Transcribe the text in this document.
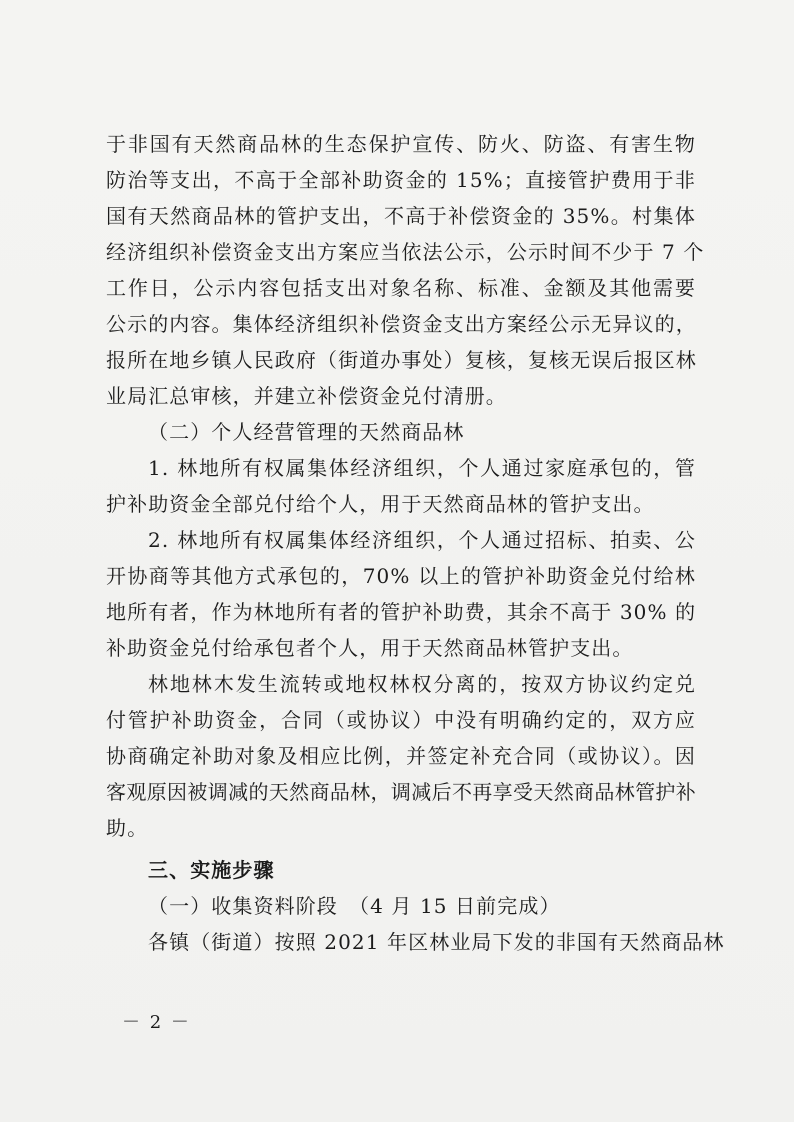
于非国有天然商品林的生态保护宣传、防火、防盗、有害生物
防治等支出，不高于全部补助资金的 15%；直接管护费用于非
国有天然商品林的管护支出，不高于补偿资金的 35%。村集体
经济组织补偿资金支出方案应当依法公示，公示时间不少于 7 个
工作日，公示内容包括支出对象名称、标准、金额及其他需要
公示的内容。集体经济组织补偿资金支出方案经公示无异议的，
报所在地乡镇人民政府（街道办事处）复核，复核无误后报区林
业局汇总审核，并建立补偿资金兑付清册。
（二）个人经营管理的天然商品林
1. 林地所有权属集体经济组织，个人通过家庭承包的，管
护补助资金全部兑付给个人，用于天然商品林的管护支出。
2. 林地所有权属集体经济组织，个人通过招标、拍卖、公
开协商等其他方式承包的，70% 以上的管护补助资金兑付给林
地所有者，作为林地所有者的管护补助费，其余不高于 30% 的
补助资金兑付给承包者个人，用于天然商品林管护支出。
林地林木发生流转或地权林权分离的，按双方协议约定兑
付管护补助资金，合同（或协议）中没有明确约定的，双方应
协商确定补助对象及相应比例，并签定补充合同（或协议）。因
客观原因被调减的天然商品林，调减后不再享受天然商品林管护补
助。
三、实施步骤
（一）收集资料阶段　（4 月 15 日前完成）
各镇（街道）按照 2021 年区林业局下发的非国有天然商品林
－ 2 －
